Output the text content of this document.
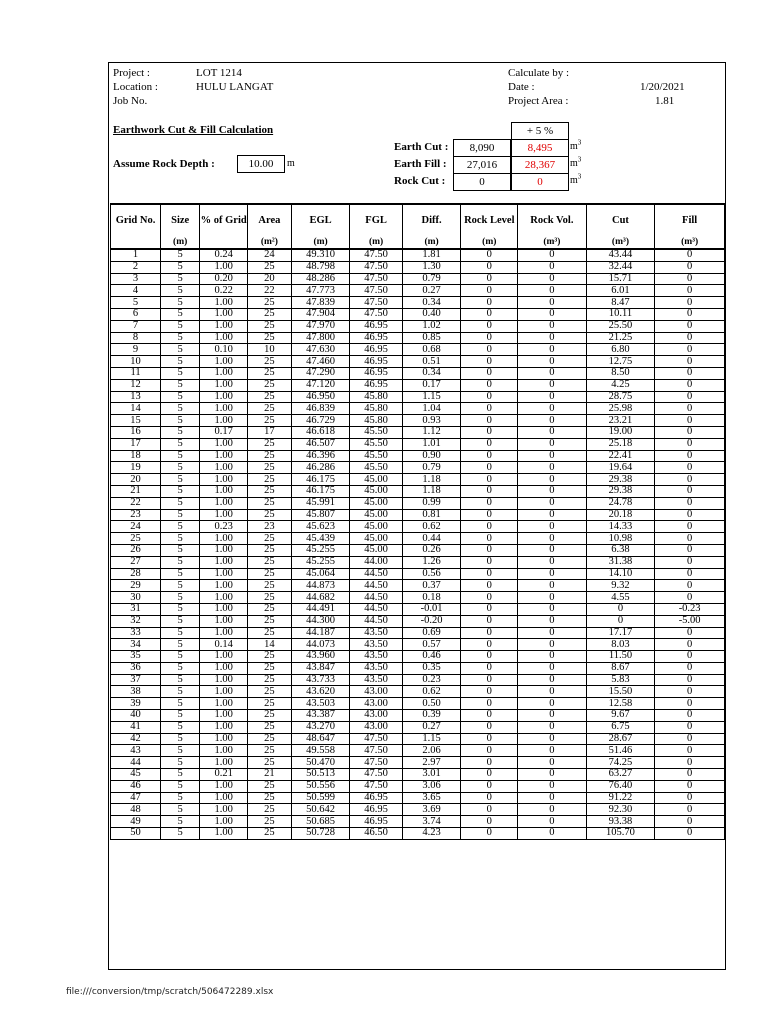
Project :	LOT 1214
Location :	HULU LANGAT
Job No.
Calculate by :
Date :	1/20/2021
Project Area :	1.81
Earthwork Cut & Fill Calculation	+ 5 %
Earth Cut :	8,090	8,495	$m^3$
Earth Fill :	27,016	28,367	$m^3$
Assume Rock Depth :	10.00	m
Rock Cut :	0	0	$m^3$
Grid No.	Size	% of Grid	Area	EGL	FGL	Diff.	Rock Level	Rock Vol.	Cut	Fill
	(m)		(m²)	(m)	(m)	(m)	(m)	(m³)	(m³)	(m³)
1	5	0.24	24	49.310	47.50	1.81	0	0	43.44	0
2	5	1.00	25	48.798	47.50	1.30	0	0	32.44	0
3	5	0.20	20	48.286	47.50	0.79	0	0	15.71	0
4	5	0.22	22	47.773	47.50	0.27	0	0	6.01	0
5	5	1.00	25	47.839	47.50	0.34	0	0	8.47	0
6	5	1.00	25	47.904	47.50	0.40	0	0	10.11	0
7	5	1.00	25	47.970	46.95	1.02	0	0	25.50	0
8	5	1.00	25	47.800	46.95	0.85	0	0	21.25	0
9	5	0.10	10	47.630	46.95	0.68	0	0	6.80	0
10	5	1.00	25	47.460	46.95	0.51	0	0	12.75	0
11	5	1.00	25	47.290	46.95	0.34	0	0	8.50	0
12	5	1.00	25	47.120	46.95	0.17	0	0	4.25	0
13	5	1.00	25	46.950	45.80	1.15	0	0	28.75	0
14	5	1.00	25	46.839	45.80	1.04	0	0	25.98	0
15	5	1.00	25	46.729	45.80	0.93	0	0	23.21	0
16	5	0.17	17	46.618	45.50	1.12	0	0	19.00	0
17	5	1.00	25	46.507	45.50	1.01	0	0	25.18	0
18	5	1.00	25	46.396	45.50	0.90	0	0	22.41	0
19	5	1.00	25	46.286	45.50	0.79	0	0	19.64	0
20	5	1.00	25	46.175	45.00	1.18	0	0	29.38	0
21	5	1.00	25	46.175	45.00	1.18	0	0	29.38	0
22	5	1.00	25	45.991	45.00	0.99	0	0	24.78	0
23	5	1.00	25	45.807	45.00	0.81	0	0	20.18	0
24	5	0.23	23	45.623	45.00	0.62	0	0	14.33	0
25	5	1.00	25	45.439	45.00	0.44	0	0	10.98	0
26	5	1.00	25	45.255	45.00	0.26	0	0	6.38	0
27	5	1.00	25	45.255	44.00	1.26	0	0	31.38	0
28	5	1.00	25	45.064	44.50	0.56	0	0	14.10	0
29	5	1.00	25	44.873	44.50	0.37	0	0	9.32	0
30	5	1.00	25	44.682	44.50	0.18	0	0	4.55	0
31	5	1.00	25	44.491	44.50	-0.01	0	0	0	-0.23
32	5	1.00	25	44.300	44.50	-0.20	0	0	0	-5.00
33	5	1.00	25	44.187	43.50	0.69	0	0	17.17	0
34	5	0.14	14	44.073	43.50	0.57	0	0	8.03	0
35	5	1.00	25	43.960	43.50	0.46	0	0	11.50	0
36	5	1.00	25	43.847	43.50	0.35	0	0	8.67	0
37	5	1.00	25	43.733	43.50	0.23	0	0	5.83	0
38	5	1.00	25	43.620	43.00	0.62	0	0	15.50	0
39	5	1.00	25	43.503	43.00	0.50	0	0	12.58	0
40	5	1.00	25	43.387	43.00	0.39	0	0	9.67	0
41	5	1.00	25	43.270	43.00	0.27	0	0	6.75	0
42	5	1.00	25	48.647	47.50	1.15	0	0	28.67	0
43	5	1.00	25	49.558	47.50	2.06	0	0	51.46	0
44	5	1.00	25	50.470	47.50	2.97	0	0	74.25	0
45	5	0.21	21	50.513	47.50	3.01	0	0	63.27	0
46	5	1.00	25	50.556	47.50	3.06	0	0	76.40	0
47	5	1.00	25	50.599	46.95	3.65	0	0	91.22	0
48	5	1.00	25	50.642	46.95	3.69	0	0	92.30	0
49	5	1.00	25	50.685	46.95	3.74	0	0	93.38	0
50	5	1.00	25	50.728	46.50	4.23	0	0	105.70	0
file:///conversion/tmp/scratch/506472289.xlsx
